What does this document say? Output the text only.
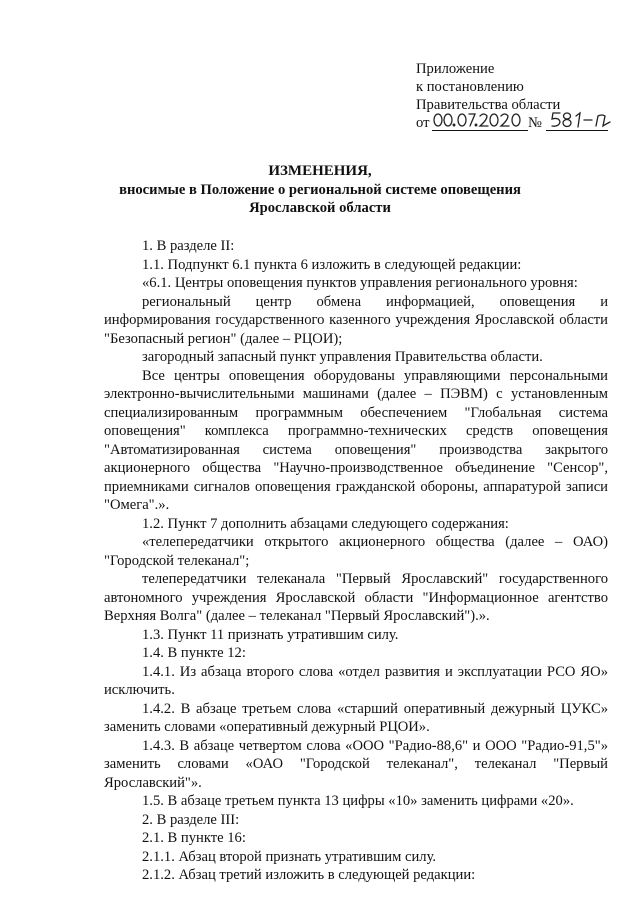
Приложение
к постановлению
Правительства области
от	№
ИЗМЕНЕНИЯ,
вносимые в Положение о региональной системе оповещения
Ярославской области

1. В разделе II:

1.1. Подпункт 6.1 пункта 6 изложить в следующей редакции:

«6.1. Центры оповещения пунктов управления регионального уровня:

региональный центр обмена информацией, оповещения и информирования государственного казенного учреждения Ярославской области "Безопасный регион" (далее – РЦОИ);

загородный запасный пункт управления Правительства области.

Все центры оповещения оборудованы управляющими персональными электронно-вычислительными машинами (далее – ПЭВМ) с установленным специализированным программным обеспечением "Глобальная система оповещения" комплекса программно-технических средств оповещения "Автоматизированная система оповещения" производства закрытого акционерного общества "Научно-производственное объединение "Сенсор", приемниками сигналов оповещения гражданской обороны, аппаратурой записи "Омега".».

1.2. Пункт 7 дополнить абзацами следующего содержания:

«телепередатчики открытого акционерного общества (далее – ОАО) "Городской телеканал";

телепередатчики телеканала "Первый Ярославский" государственного автономного учреждения Ярославской области "Информационное агентство Верхняя Волга" (далее – телеканал "Первый Ярославский").».

1.3. Пункт 11 признать утратившим силу.

1.4. В пункте 12:

1.4.1. Из абзаца второго слова «отдел развития и эксплуатации РСО ЯО» исключить.

1.4.2. В абзаце третьем слова «старший оперативный дежурный ЦУКС» заменить словами «оперативный дежурный РЦОИ».

1.4.3. В абзаце четвертом слова «ООО "Радио-88,6" и ООО "Радио-91,5"» заменить словами «ОАО "Городской телеканал", телеканал "Первый Ярославский"».

1.5. В абзаце третьем пункта 13 цифры «10» заменить цифрами «20».

2. В разделе III:

2.1. В пункте 16:

2.1.1. Абзац второй признать утратившим силу.

2.1.2. Абзац третий изложить в следующей редакции:
